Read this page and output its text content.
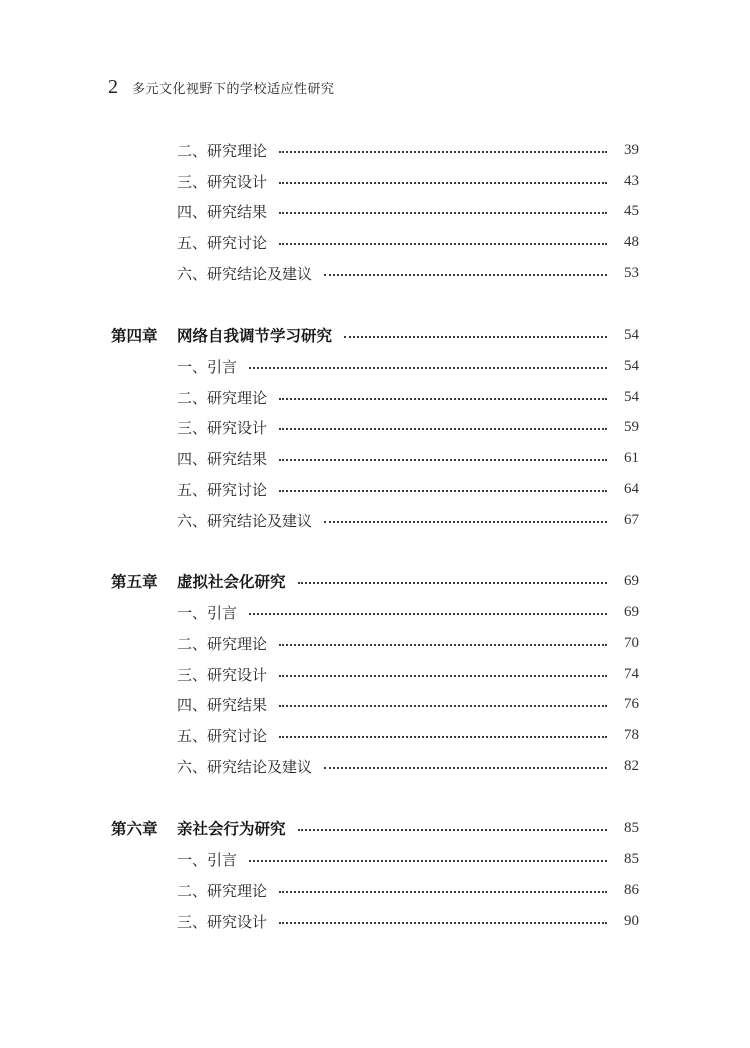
2 多元文化视野下的学校适应性研究
二、研究理论	39
三、研究设计	43
四、研究结果	45
五、研究讨论	48
六、研究结论及建议	53
第四章	网络自我调节学习研究	54
一、引言	54
二、研究理论	54
三、研究设计	59
四、研究结果	61
五、研究讨论	64
六、研究结论及建议	67
第五章	虚拟社会化研究	69
一、引言	69
二、研究理论	70
三、研究设计	74
四、研究结果	76
五、研究讨论	78
六、研究结论及建议	82
第六章	亲社会行为研究	85
一、引言	85
二、研究理论	86
三、研究设计	90
